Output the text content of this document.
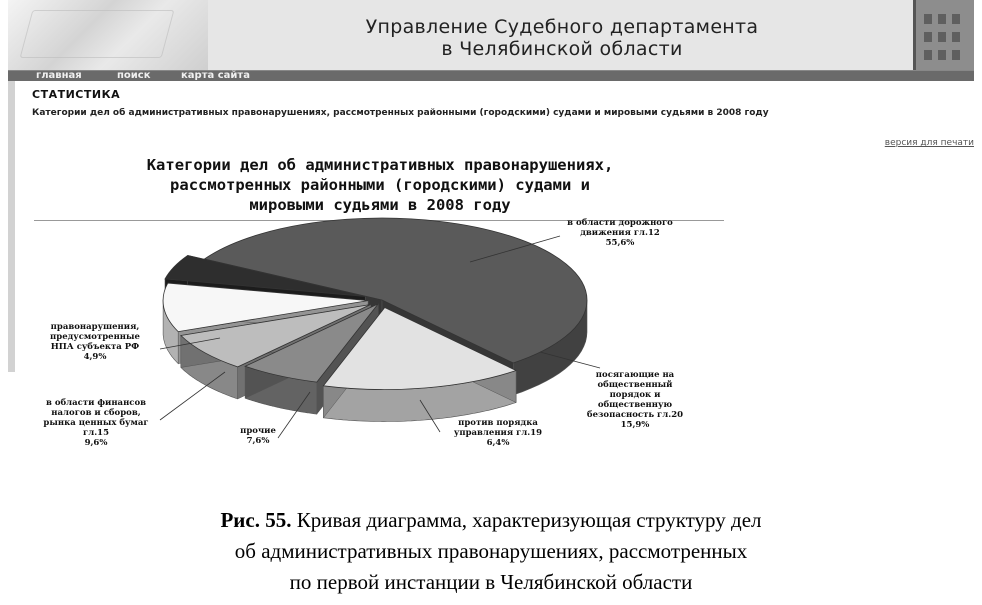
Управление Судебного департамента
в Челябинской области
главная	поиск	карта сайта
СТАТИСТИКА
Категории дел об административных правонарушениях, рассмотренных районными (городскими) судами и мировыми судьями в 2008 году
версия для печати
Категории дел об административных правонарушениях,
рассмотренных районными (городскими) судами и
мировыми судьями в 2008 году
в области дорожного
движения гл.12
55,6%
посягающие на
общественный
порядок и
общественную
безопасность гл.20
15,9%
против порядка
управления гл.19
6,4%
прочие
7,6%
в области финансов
налогов и сборов,
рынка ценных бумаг
гл.15
9,6%
правонарушения,
предусмотренные
НПА субъекта РФ
4,9%
Рис. 55. Кривая диаграмма, характеризующая структуру дел
об административных правонарушениях, рассмотренных
по первой инстанции в Челябинской области
